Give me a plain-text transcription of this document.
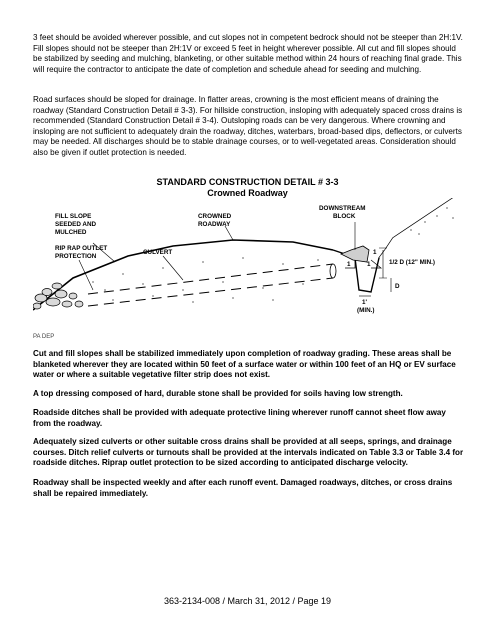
3 feet should be avoided wherever possible, and cut slopes not in competent bedrock should not be steeper than 2H:1V. Fill slopes should not be steeper than 2H:1V or exceed 5 feet in height wherever possible. All cut and fill slopes should be stabilized by seeding and mulching, blanketing, or other suitable method within 24 hours of reaching final grade. This will require the contractor to anticipate the date of completion and schedule ahead for seeding and mulching.

Road surfaces should be sloped for drainage. In flatter areas, crowning is the most efficient means of draining the roadway (Standard Construction Detail # 3-3). For hillside construction, insloping with adequately spaced cross drains is recommended (Standard Construction Detail # 3-4). Outsloping roads can be very dangerous. Where crowning and insloping are not sufficient to adequately drain the roadway, ditches, waterbars, broad-based dips, deflectors, or culverts may be needed. All discharges should be to stable drainage courses, or to well-vegetated areas. Consideration should also be given if outlet protection is needed.

STANDARD CONSTRUCTION DETAIL # 3-3
Crowned Roadway
FILL SLOPE
SEEDED AND
MULCHED
CROWNED
ROADWAY
DOWNSTREAM
BLOCK
RIP RAP OUTLET
PROTECTION
CULVERT
1/2 D (12" MIN.)
D
1	1
1
1'
(MIN.)
PA DEP

Cut and fill slopes shall be stabilized immediately upon completion of roadway grading. These areas shall be blanketed wherever they are located within 50 feet of a surface water or within 100 feet of an HQ or EV surface water or where a suitable vegetative filter strip does not exist.

A top dressing composed of hard, durable stone shall be provided for soils having low strength.

Roadside ditches shall be provided with adequate protective lining wherever runoff cannot sheet flow away from the roadway.

Adequately sized culverts or other suitable cross drains shall be provided at all seeps, springs, and drainage courses. Ditch relief culverts or turnouts shall be provided at the intervals indicated on Table 3.3 or Table 3.4 for roadside ditches. Riprap outlet protection to be sized according to anticipated discharge velocity.

Roadway shall be inspected weekly and after each runoff event. Damaged roadways, ditches, or cross drains shall be repaired immediately.

363-2134-008 / March 31, 2012 / Page 19
